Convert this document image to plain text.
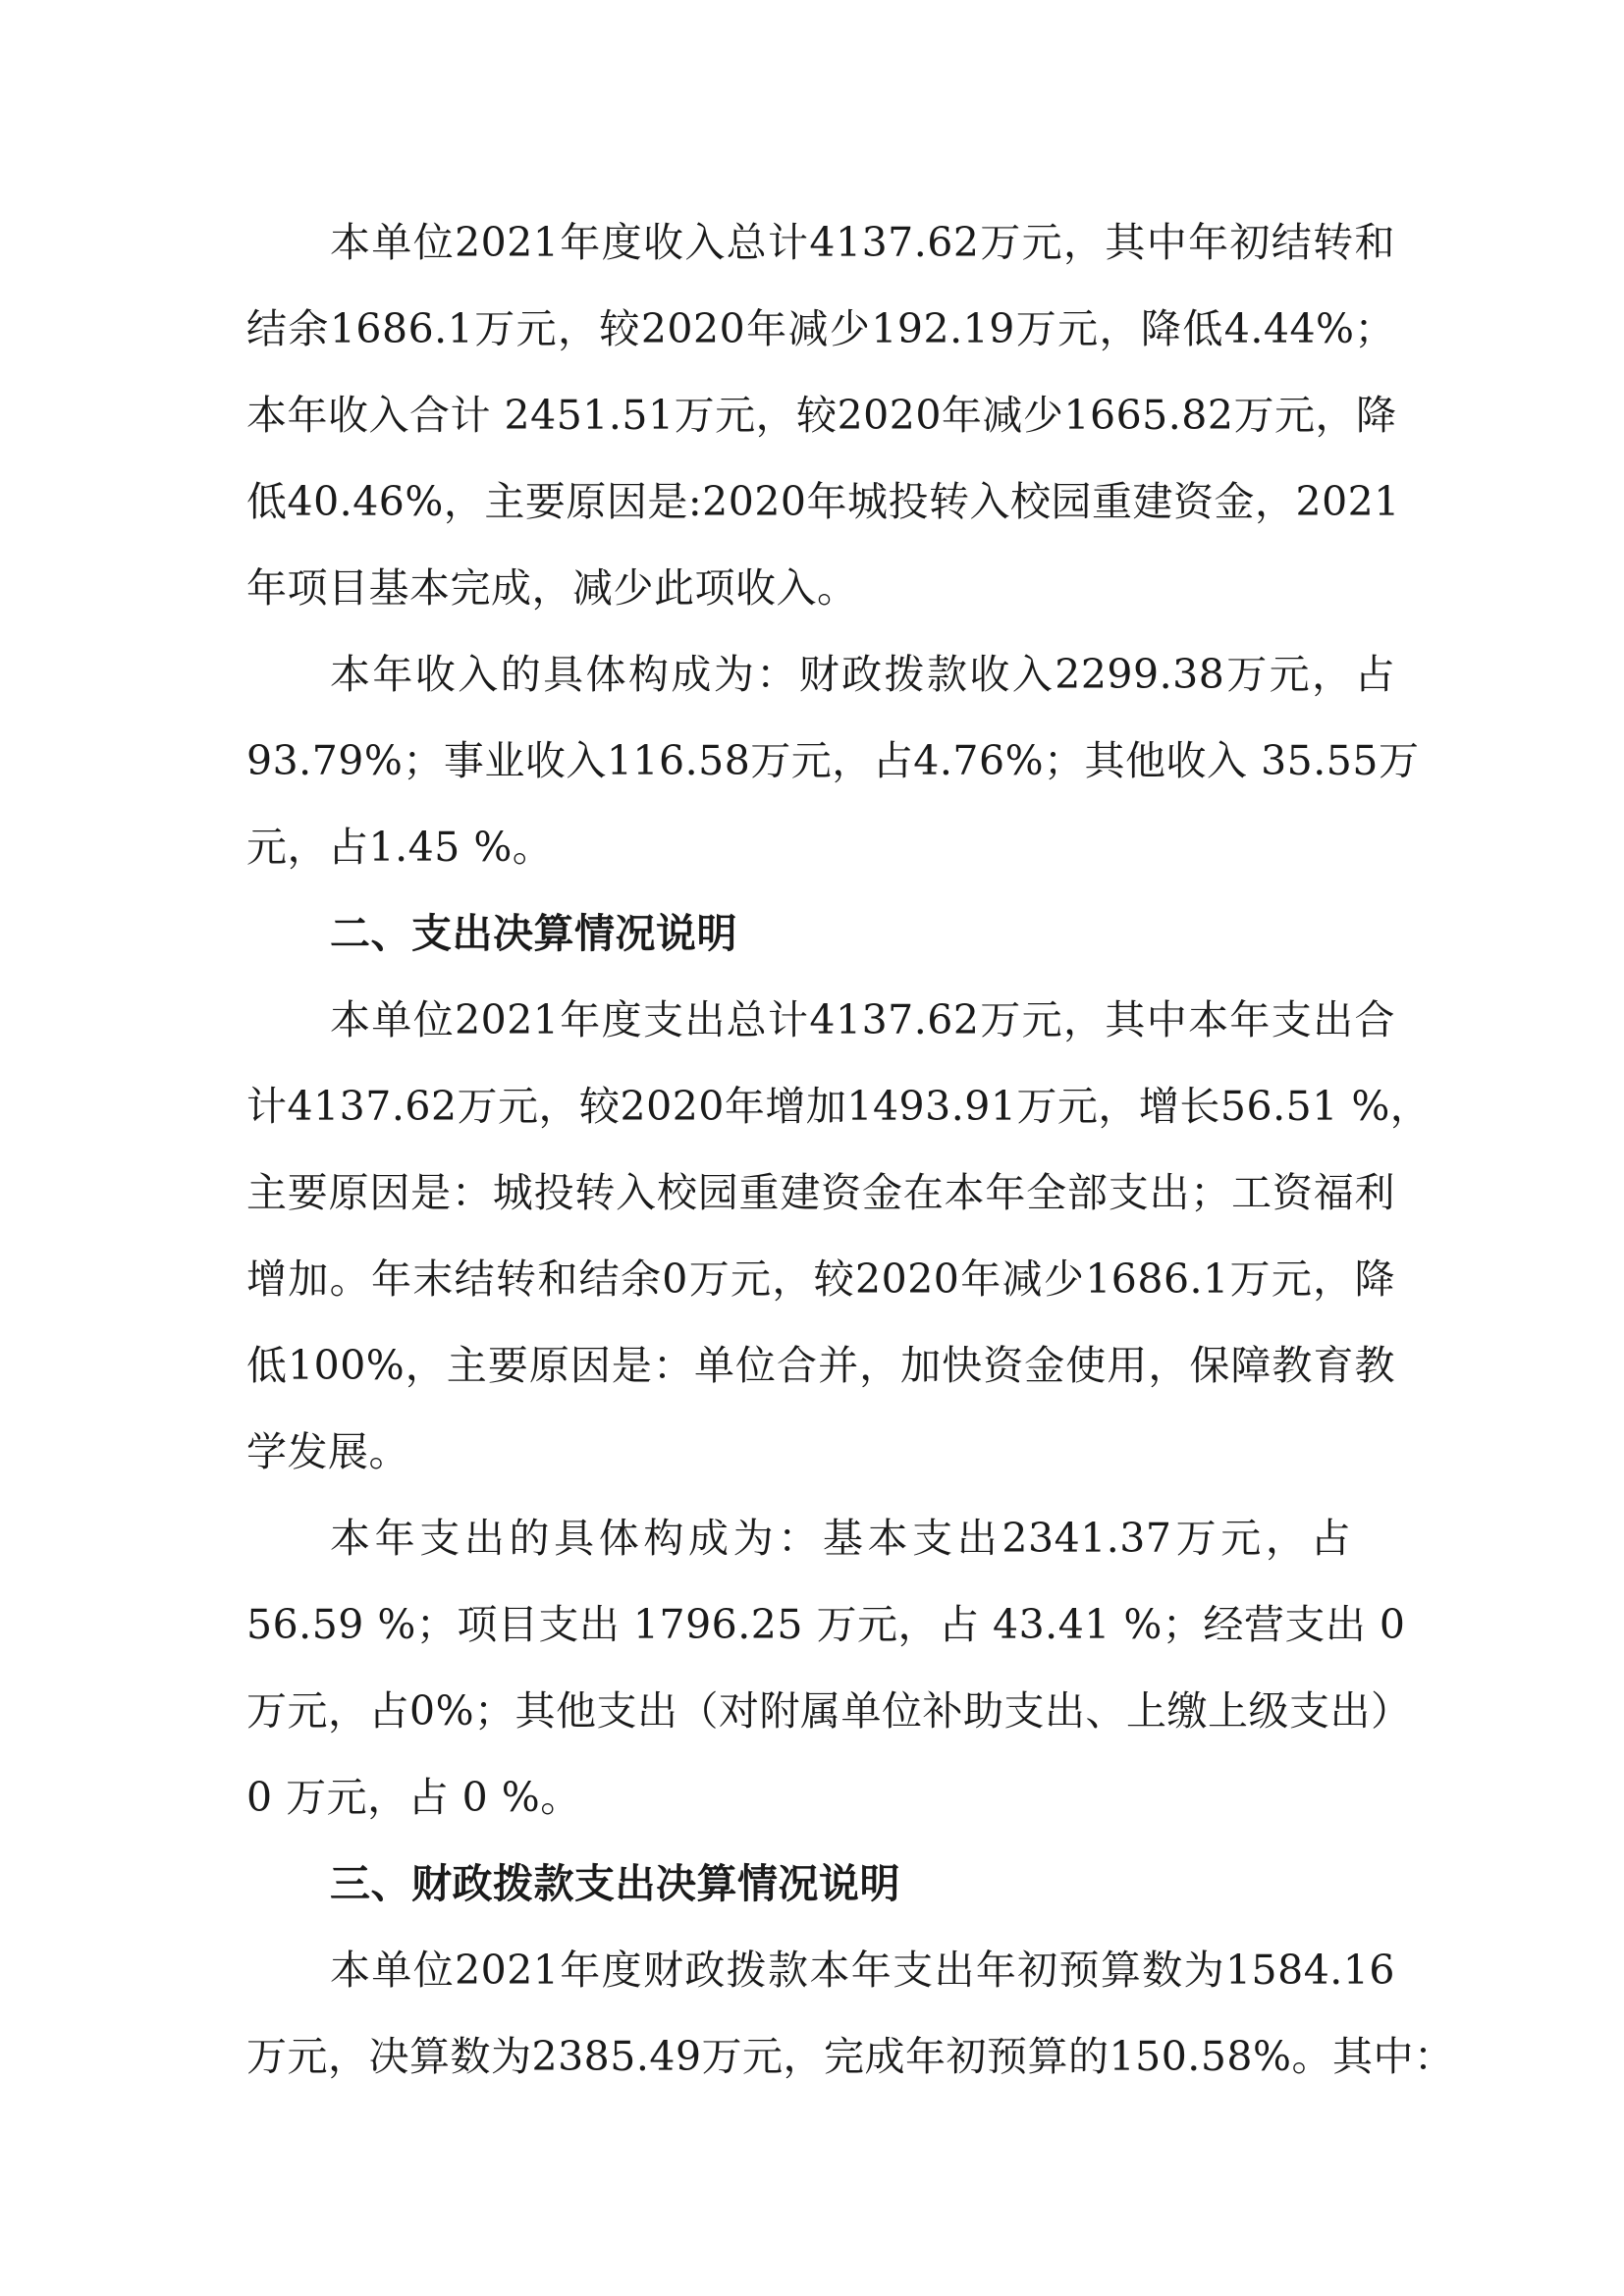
本单位2021年度收入总计4137.62万元，其中年初结转和
结余1686.1万元，较2020年减少192.19万元，降低4.44%；
本年收入合计 2451.51万元，较2020年减少1665.82万元，降
低40.46%，主要原因是:2020年城投转入校园重建资金，2021
年项目基本完成，减少此项收入。
本年收入的具体构成为：财政拨款收入2299.38万元，占
93.79%；事业收入116.58万元，占4.76%；其他收入 35.55万
元，占1.45 %。
二、支出决算情况说明
本单位2021年度支出总计4137.62万元，其中本年支出合
计4137.62万元，较2020年增加1493.91万元，增长56.51 %，
主要原因是：城投转入校园重建资金在本年全部支出；工资福利
增加。年末结转和结余0万元，较2020年减少1686.1万元，降
低100%，主要原因是：单位合并，加快资金使用，保障教育教
学发展。
本年支出的具体构成为：基本支出2341.37万元，占
56.59 %；项目支出 1796.25 万元，占 43.41 %；经营支出 0
万元，占0%；其他支出（对附属单位补助支出、上缴上级支出）
0 万元，占 0 %。
三、财政拨款支出决算情况说明
本单位2021年度财政拨款本年支出年初预算数为1584.16
万元，决算数为2385.49万元，完成年初预算的150.58%。其中：
